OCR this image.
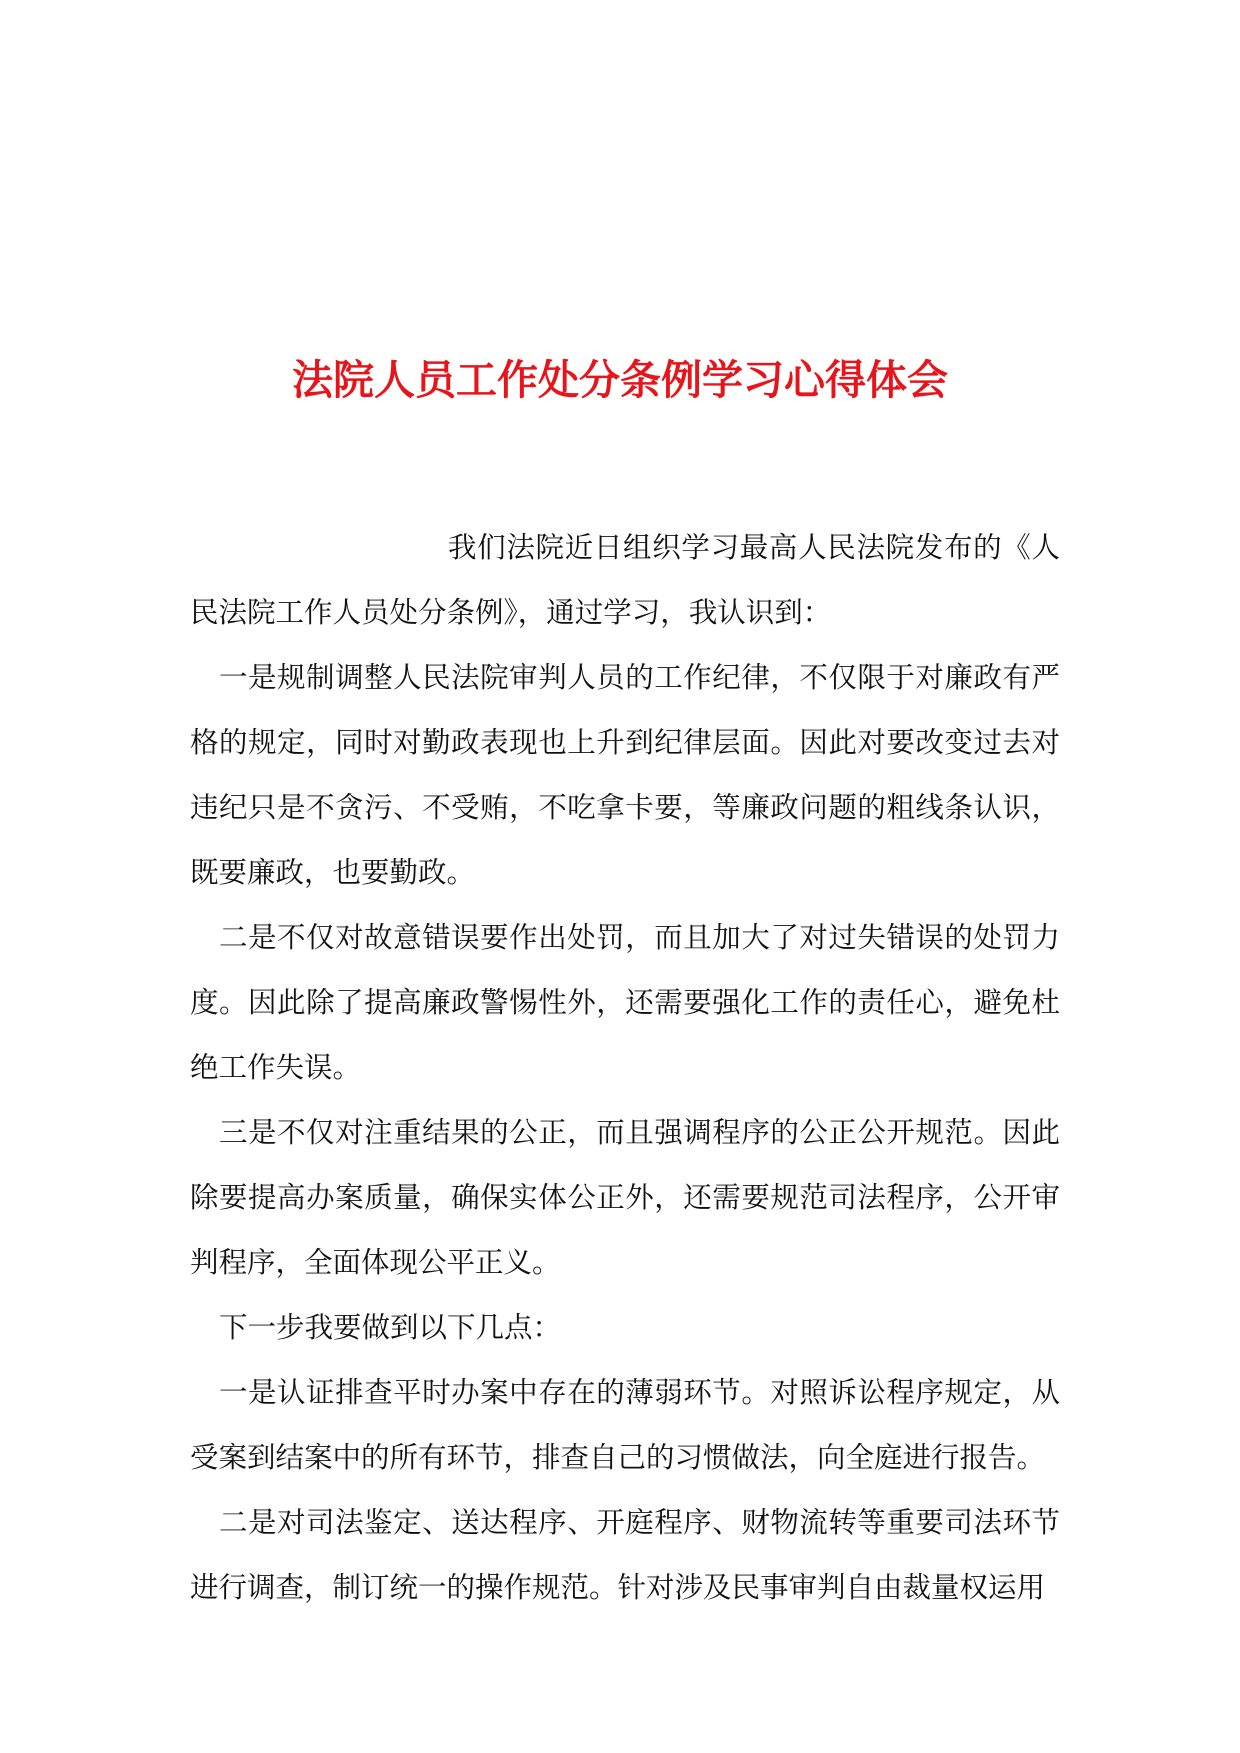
法院人员工作处分条例学习心得体会

我们法院近日组织学习最高人民法院发布的《人民法院工作人员处分条例》，通过学习，我认识到：

一是规制调整人民法院审判人员的工作纪律，不仅限于对廉政有严格的规定，同时对勤政表现也上升到纪律层面。因此对要改变过去对违纪只是不贪污、不受贿，不吃拿卡要，等廉政问题的粗线条认识，既要廉政，也要勤政。

二是不仅对故意错误要作出处罚，而且加大了对过失错误的处罚力度。因此除了提高廉政警惕性外，还需要强化工作的责任心，避免杜绝工作失误。

三是不仅对注重结果的公正，而且强调程序的公正公开规范。因此除要提高办案质量，确保实体公正外，还需要规范司法程序，公开审判程序，全面体现公平正义。

下一步我要做到以下几点：

一是认证排查平时办案中存在的薄弱环节。对照诉讼程序规定，从受案到结案中的所有环节，排查自己的习惯做法，向全庭进行报告。

二是对司法鉴定、送达程序、开庭程序、财物流转等重要司法环节进行调查，制订统一的操作规范。针对涉及民事审判自由裁量权运用
